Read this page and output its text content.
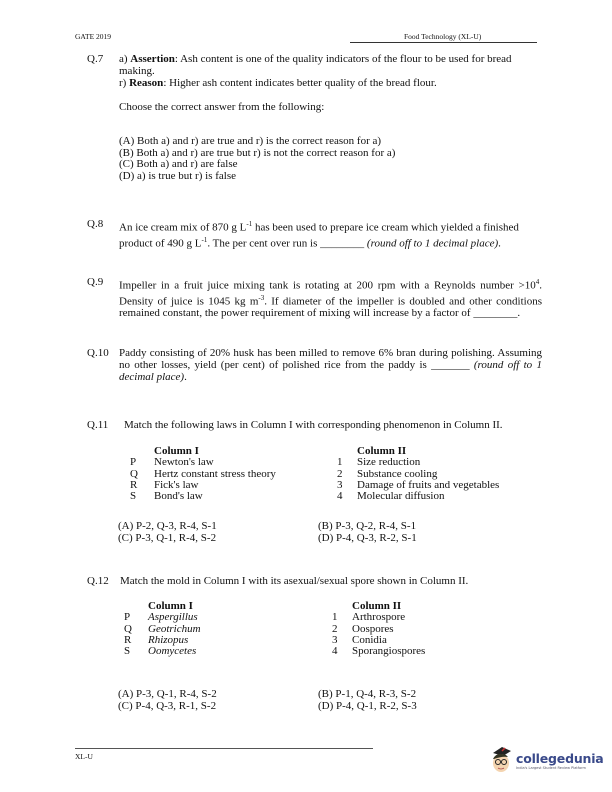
GATE 2019	Food Technology (XL-U)
Q.7 a) Assertion: Ash content is one of the quality indicators of the flour to be used for bread making.

r) Reason: Higher ash content indicates better quality of the bread flour.

Choose the correct answer from the following:

(A) Both a) and r) are true and r) is the correct reason for a)
(B) Both a) and r) are true but r) is not the correct reason for a)
(C) Both a) and r) are false
(D) a) is true but r) is false
Q.8 An ice cream mix of 870 g $L^{-1}$ has been used to prepare ice cream which yielded a finished product of 490 g $L^{-1}$. The per cent over run is ________ (round off to 1 decimal place).

Q.9 Impeller in a fruit juice mixing tank is rotating at 200 rpm with a Reynolds number $>10^4$. Density of juice is 1045 kg $m^{-3}$. If diameter of the impeller is doubled and other conditions remained constant, the power requirement of mixing will increase by a factor of ________.

Q.10 Paddy consisting of 20% husk has been milled to remove 6% bran during polishing. Assuming no other losses, yield (per cent) of polished rice from the paddy is _______ (round off to 1 decimal place).

Q.11 Match the following laws in Column I with corresponding phenomenon in Column II.

Column I
P	Newton's law
Q	Hertz constant stress theory
R	Fick's law
S	Bond's law
Column II
1	Size reduction
2	Substance cooling
3	Damage of fruits and vegetables
4	Molecular diffusion
(A) P-2, Q-3, R-4, S-1
(C) P-3, Q-1, R-4, S-2
(B) P-3, Q-2, R-4, S-1
(D) P-4, Q-3, R-2, S-1
Q.12 Match the mold in Column I with its asexual/sexual spore shown in Column II.

Column I
P	Aspergillus
Q	Geotrichum
R	Rhizopus
S	Oomycetes
Column II
1	Arthrospore
2	Oospores
3	Conidia
4	Sporangiospores
(A) P-3, Q-1, R-4, S-2
(C) P-4, Q-3, R-1, S-2
(B) P-1, Q-4, R-3, S-2
(D) P-4, Q-1, R-2, S-3
XL-U	collegedunia
India's Largest Student Review Platform
